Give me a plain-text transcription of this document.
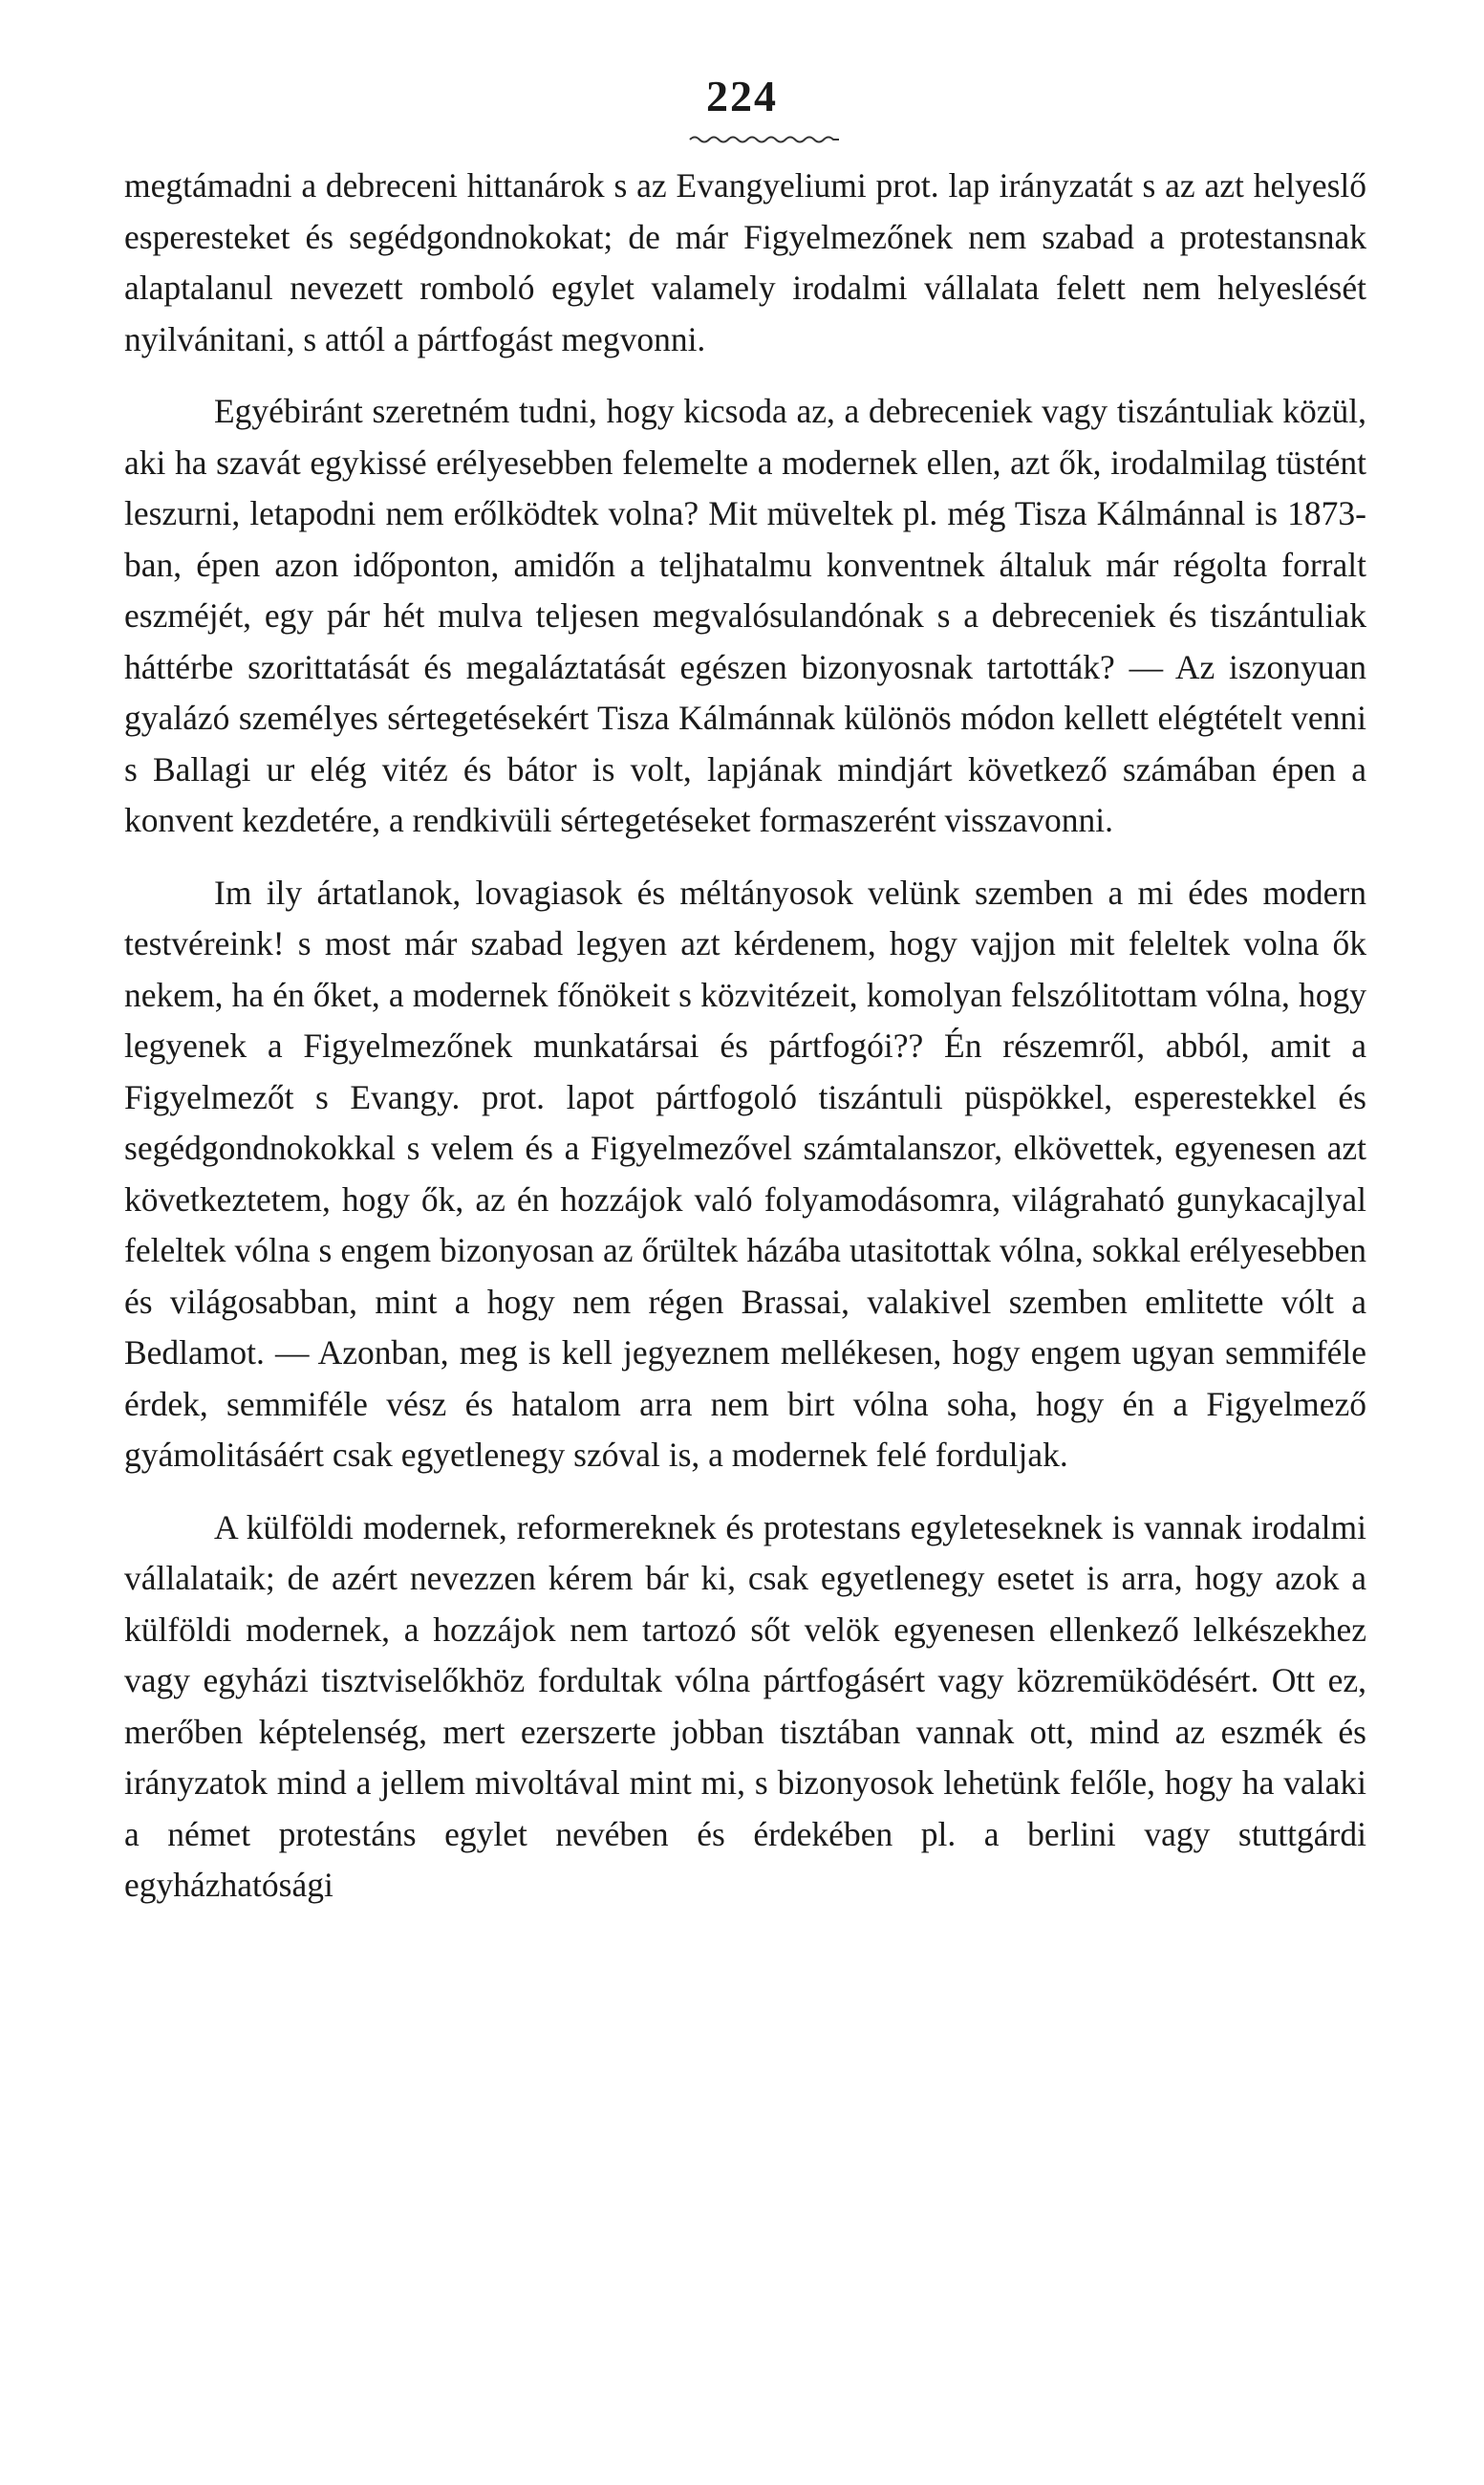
224

megtámadni a debreceni hittanárok s az Evangyeliumi prot. lap irányzatát s az azt helyeslő esperesteket és segédgondnokokat; de már Figyelmezőnek nem szabad a protestansnak alaptalanul nevezett romboló egylet valamely irodalmi vállalata felett nem helyeslését nyilvánitani, s attól a pártfogást megvonni.

Egyébiránt szeretném tudni, hogy kicsoda az, a debreceniek vagy tiszántuliak közül, aki ha szavát egykissé erélyesebben felemelte a modernek ellen, azt ők, irodalmilag tüstént leszurni, letapodni nem erőlködtek volna? Mit müveltek pl. még Tisza Kálmánnal is 1873-ban, épen azon időponton, amidőn a teljhatalmu konventnek általuk már régolta forralt eszméjét, egy pár hét mulva teljesen megvalósulandónak s a debreceniek és tiszántuliak háttérbe szorittatását és megaláztatását egészen bizonyosnak tartották? — Az iszonyuan gyalázó személyes sértegetésekért Tisza Kálmánnak különös módon kellett elégtételt venni s Ballagi ur elég vitéz és bátor is volt, lapjának mindjárt következő számában épen a konvent kezdetére, a rendkivüli sértegetéseket formaszerént visszavonni.

Im ily ártatlanok, lovagiasok és méltányosok velünk szemben a mi édes modern testvéreink! s most már szabad legyen azt kérdenem, hogy vajjon mit feleltek volna ők nekem, ha én őket, a modernek főnökeit s közvitézeit, komolyan felszólitottam vólna, hogy legyenek a Figyelmezőnek munkatársai és pártfogói?? Én részemről, abból, amit a Figyelmezőt s Evangy. prot. lapot pártfogoló tiszántuli püspökkel, esperestekkel és segédgondnokokkal s velem és a Figyelmezővel számtalanszor, elkövettek, egyenesen azt következtetem, hogy ők, az én hozzájok való folyamodásomra, világraható gunykacajlyal feleltek vólna s engem bizonyosan az őrültek házába utasitottak vólna, sokkal erélyesebben és világosabban, mint a hogy nem régen Brassai, valakivel szemben emlitette vólt a Bedlamot. — Azonban, meg is kell jegyeznem mellékesen, hogy engem ugyan semmiféle érdek, semmiféle vész és hatalom arra nem birt vólna soha, hogy én a Figyelmező gyámolitásáért csak egyetlenegy szóval is, a modernek felé forduljak.

A külföldi modernek, reformereknek és protestans egyleteseknek is vannak irodalmi vállalataik; de azért nevezzen kérem bár ki, csak egyetlenegy esetet is arra, hogy azok a külföldi modernek, a hozzájok nem tartozó sőt velök egyenesen ellenkező lelkészekhez vagy egyházi tisztviselőkhöz fordultak vólna pártfogásért vagy közremüködésért. Ott ez, merőben képtelenség, mert ezerszerte jobban tisztában vannak ott, mind az eszmék és irányzatok mind a jellem mivoltával mint mi, s bizonyosok lehetünk felőle, hogy ha valaki a német protestáns egylet nevében és érdekében pl. a berlini vagy stuttgárdi egyházhatósági
